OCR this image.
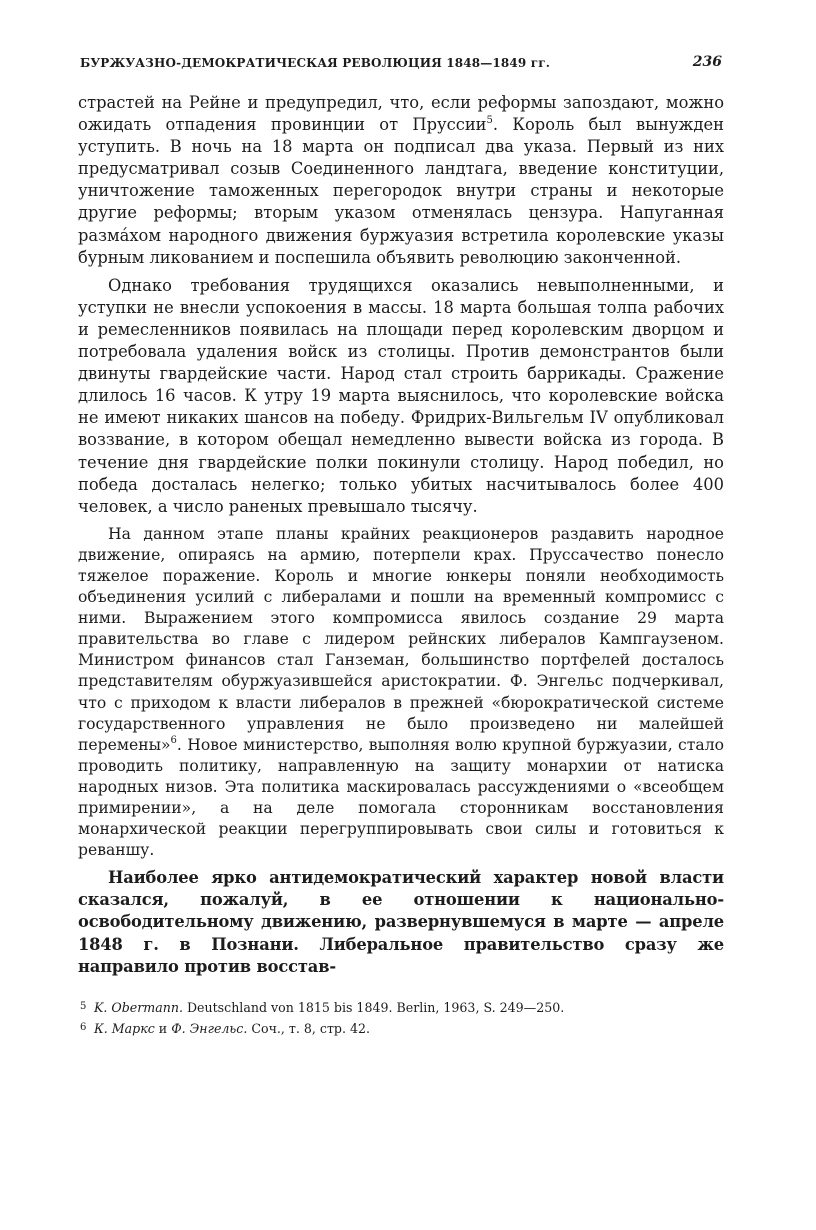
БУРЖУАЗНО-ДЕМОКРАТИЧЕСКАЯ РЕВОЛЮЦИЯ 1848—1849 гг.	236

страстей на Рейне и предупредил, что, если реформы запоздают, можно ожидать отпадения провинции от Пруссии$^5$. Король был вынужден уступить. В ночь на 18 марта он подписал два указа. Первый из них предусматривал созыв Соединенного ландтага, введение конституции, уничтожение таможенных перегородок внутри страны и некоторые другие реформы; вторым указом отменялась цензура. Напуганная размáхом народного движения буржуазия встретила королевские указы бурным ликованием и поспешила объявить революцию законченной.

Однако требования трудящихся оказались невыполненными, и уступки не внесли успокоения в массы. 18 марта большая толпа рабочих и ремесленников появилась на площади перед королевским дворцом и потребовала удаления войск из столицы. Против демонстрантов были двинуты гвардейские части. Народ стал строить баррикады. Сражение длилось 16 часов. К утру 19 марта выяснилось, что королевские войска не имеют никаких шансов на победу. Фридрих-Вильгельм IV опубликовал воззвание, в котором обещал немедленно вывести войска из города. В течение дня гвардейские полки покинули столицу. Народ победил, но победа досталась нелегко; только убитых насчитывалось более 400 человек, а число раненых превышало тысячу.

На данном этапе планы крайних реакционеров раздавить народное движение, опираясь на армию, потерпели крах. Пруссачество понесло тяжелое поражение. Король и многие юнкеры поняли необходимость объединения усилий с либералами и пошли на временный компромисс с ними. Выражением этого компромисса явилось создание 29 марта правительства во главе с лидером рейнских либералов Кампгаузеном. Министром финансов стал Ганземан, большинство портфелей досталось представителям обуржуазившейся аристократии. Ф. Энгельс подчеркивал, что с приходом к власти либералов в прежней «бюрократической системе государственного управления не было произведено ни малейшей перемены»$^6$. Новое министерство, выполняя волю крупной буржуазии, стало проводить политику, направленную на защиту монархии от натиска народных низов. Эта политика маскировалась рассуждениями о «всеобщем примирении», а на деле помогала сторонникам восстановления монархической реакции перегруппировывать свои силы и готовиться к реваншу.

Наиболее ярко антидемократический характер новой власти сказался, пожалуй, в ее отношении к национально-освободительному движению, развернувшемуся в марте — апреле 1848 г. в Познани. Либеральное правительство сразу же направило против восстав-

5 K. Obermann. Deutschland von 1815 bis 1849. Berlin, 1963, S. 249—250.
6 К. Маркс и Ф. Энгельс. Соч., т. 8, стр. 42.
